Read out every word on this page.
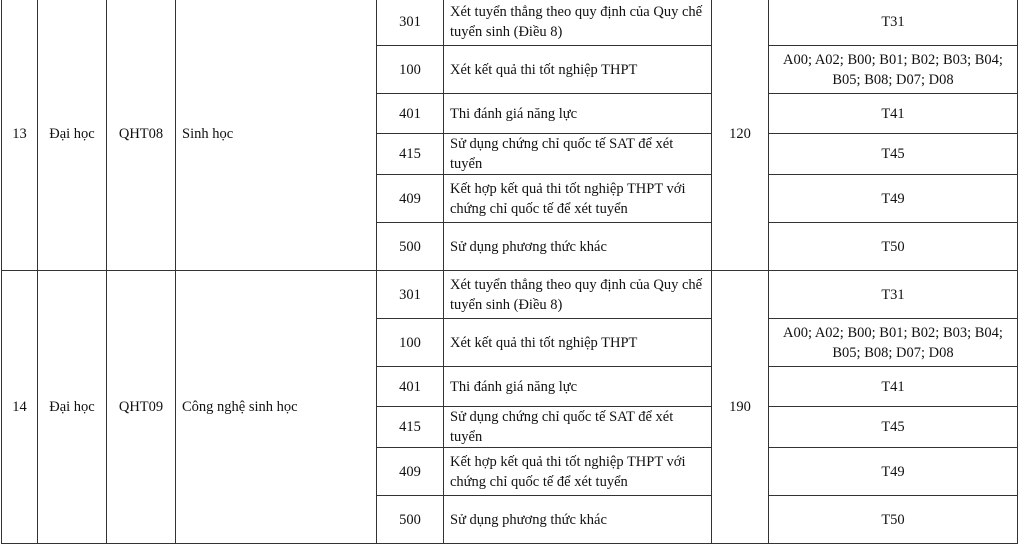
13	Đại học	QHT08	Sinh học	301	Xét tuyển thẳng theo quy định của Quy chế tuyển sinh (Điều 8)	120	T31
				100	Xét kết quả thi tốt nghiệp THPT		A00; A02; B00; B01; B02; B03; B04; B05; B08; D07; D08
				401	Thi đánh giá năng lực		T41
				415	Sử dụng chứng chỉ quốc tế SAT để xét tuyển		T45
				409	Kết hợp kết quả thi tốt nghiệp THPT với chứng chỉ quốc tế để xét tuyển		T49
				500	Sử dụng phương thức khác		T50
14	Đại học	QHT09	Công nghệ sinh học	301	Xét tuyển thẳng theo quy định của Quy chế tuyển sinh (Điều 8)	190	T31
				100	Xét kết quả thi tốt nghiệp THPT		A00; A02; B00; B01; B02; B03; B04; B05; B08; D07; D08
				401	Thi đánh giá năng lực		T41
				415	Sử dụng chứng chỉ quốc tế SAT để xét tuyển		T45
				409	Kết hợp kết quả thi tốt nghiệp THPT với chứng chỉ quốc tế để xét tuyển		T49
				500	Sử dụng phương thức khác		T50
